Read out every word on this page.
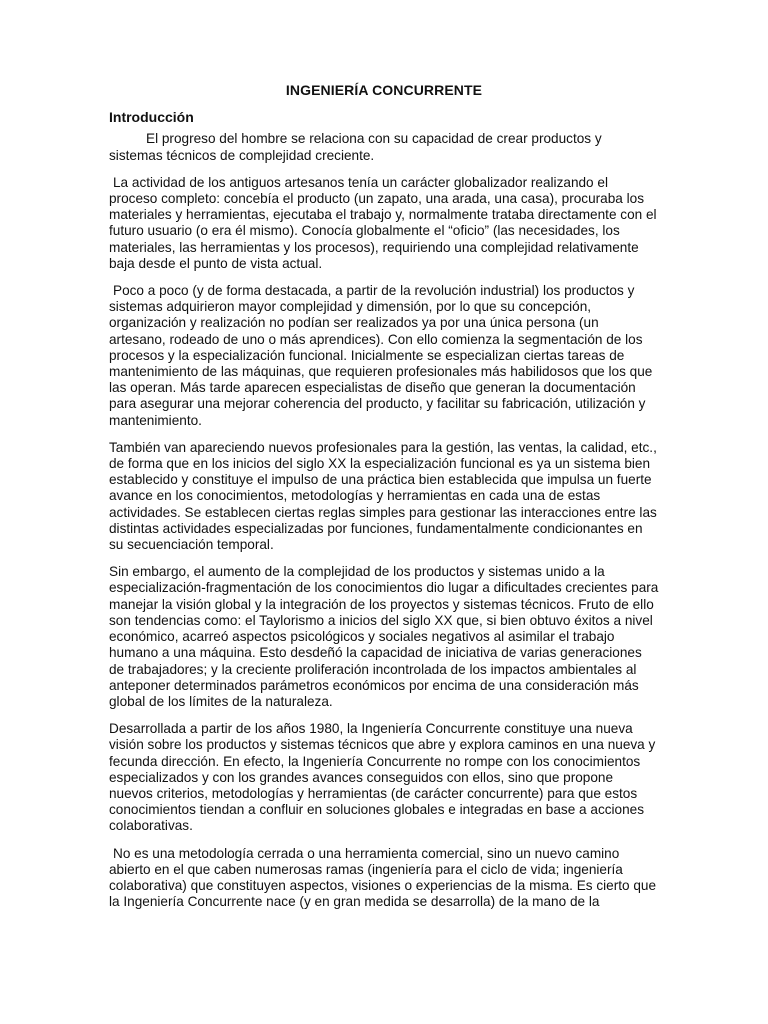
INGENIERÍA CONCURRENTE
Introducción

El progreso del hombre se relaciona con su capacidad de crear productos y sistemas técnicos de complejidad creciente.

La actividad de los antiguos artesanos tenía un carácter globalizador realizando el proceso completo: concebía el producto (un zapato, una arada, una casa), procuraba los materiales y herramientas, ejecutaba el trabajo y, normalmente trataba directamente con el futuro usuario (o era él mismo). Conocía globalmente el “oficio” (las necesidades, los materiales, las herramientas y los procesos), requiriendo una complejidad relativamente baja desde el punto de vista actual.

Poco a poco (y de forma destacada, a partir de la revolución industrial) los productos y sistemas adquirieron mayor complejidad y dimensión, por lo que su concepción, organización y realización no podían ser realizados ya por una única persona (un artesano, rodeado de uno o más aprendices). Con ello comienza la segmentación de los procesos y la especialización funcional. Inicialmente se especializan ciertas tareas de mantenimiento de las máquinas, que requieren profesionales más habilidosos que los que las operan. Más tarde aparecen especialistas de diseño que generan la documentación para asegurar una mejorar coherencia del producto, y facilitar su fabricación, utilización y mantenimiento.

También van apareciendo nuevos profesionales para la gestión, las ventas, la calidad, etc., de forma que en los inicios del siglo XX la especialización funcional es ya un sistema bien establecido y constituye el impulso de una práctica bien establecida que impulsa un fuerte avance en los conocimientos, metodologías y herramientas en cada una de estas actividades. Se establecen ciertas reglas simples para gestionar las interacciones entre las distintas actividades especializadas por funciones, fundamentalmente condicionantes en su secuenciación temporal.

Sin embargo, el aumento de la complejidad de los productos y sistemas unido a la especialización-fragmentación de los conocimientos dio lugar a dificultades crecientes para manejar la visión global y la integración de los proyectos y sistemas técnicos. Fruto de ello son tendencias como: el Taylorismo a inicios del siglo XX que, si bien obtuvo éxitos a nivel económico, acarreó aspectos psicológicos y sociales negativos al asimilar el trabajo humano a una máquina. Esto desdeñó la capacidad de iniciativa de varias generaciones de trabajadores; y la creciente proliferación incontrolada de los impactos ambientales al anteponer determinados parámetros económicos por encima de una consideración más global de los límites de la naturaleza.

Desarrollada a partir de los años 1980, la Ingeniería Concurrente constituye una nueva visión sobre los productos y sistemas técnicos que abre y explora caminos en una nueva y fecunda dirección. En efecto, la Ingeniería Concurrente no rompe con los conocimientos especializados y con los grandes avances conseguidos con ellos, sino que propone nuevos criterios, metodologías y herramientas (de carácter concurrente) para que estos conocimientos tiendan a confluir en soluciones globales e integradas en base a acciones colaborativas.

No es una metodología cerrada o una herramienta comercial, sino un nuevo camino abierto en el que caben numerosas ramas (ingeniería para el ciclo de vida; ingeniería colaborativa) que constituyen aspectos, visiones o experiencias de la misma. Es cierto que la Ingeniería Concurrente nace (y en gran medida se desarrolla) de la mano de la
